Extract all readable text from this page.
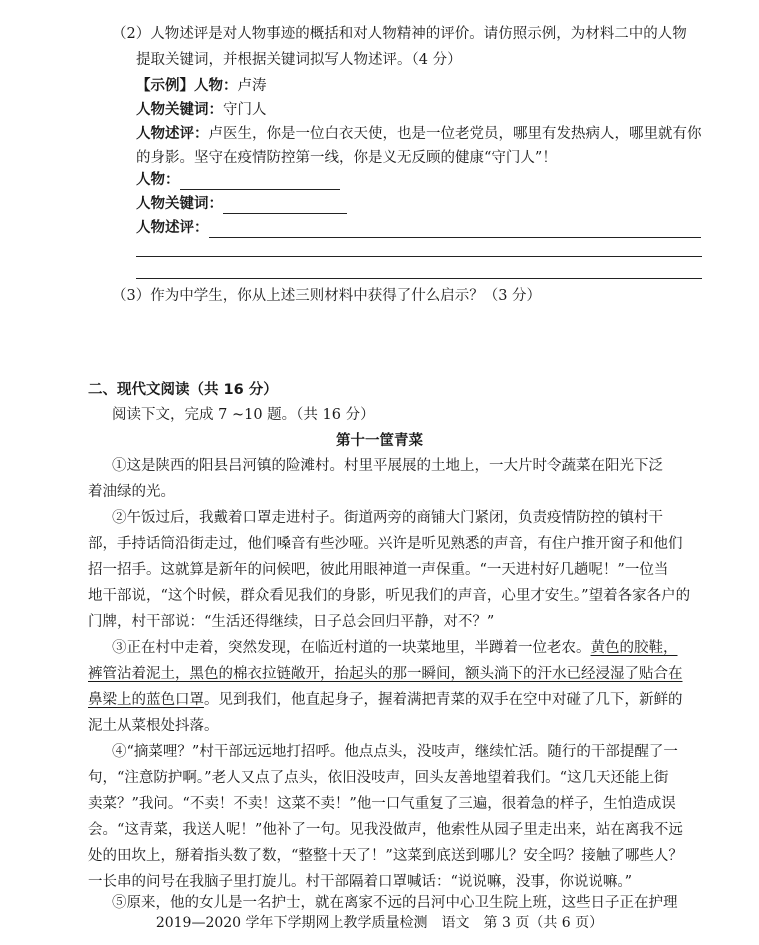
（2）人物述评是对人物事迹的概括和对人物精神的评价。请仿照示例，为材料二中的人物
提取关键词，并根据关键词拟写人物述评。（4 分）
【示例】人物：卢涛
人物关键词：守门人
人物述评：卢医生，你是一位白衣天使，也是一位老党员，哪里有发热病人，哪里就有你
的身影。坚守在疫情防控第一线，你是义无反顾的健康“守门人”！
人物：
人物关键词：
人物述评：
（3）作为中学生，你从上述三则材料中获得了什么启示？（3 分）
二、现代文阅读（共 16 分）
阅读下文，完成 7 ~10 题。（共 16 分）
第十一筐青菜
①这是陕西的阳县吕河镇的险滩村。村里平展展的土地上，一大片时令蔬菜在阳光下泛
着油绿的光。
②午饭过后，我戴着口罩走进村子。街道两旁的商铺大门紧闭，负责疫情防控的镇村干
部，手持话筒沿街走过，他们嗓音有些沙哑。兴许是听见熟悉的声音，有住户推开窗子和他们
招一招手。这就算是新年的问候吧，彼此用眼神道一声保重。“一天进村好几趟呢！”一位当
地干部说，“这个时候，群众看见我们的身影，听见我们的声音，心里才安生。”望着各家各户的
门牌，村干部说：“生活还得继续，日子总会回归平静，对不？”
③正在村中走着，突然发现，在临近村道的一块菜地里，半蹲着一位老农。黄色的胶鞋，
裤管沾着泥土，黑色的棉衣拉链敞开，抬起头的那一瞬间，额头淌下的汗水已经浸湿了贴合在
鼻梁上的蓝色口罩。见到我们，他直起身子，握着满把青菜的双手在空中对碰了几下，新鲜的
泥土从菜根处抖落。
④“摘菜哩？”村干部远远地打招呼。他点点头，没吱声，继续忙活。随行的干部提醒了一
句，“注意防护啊。”老人又点了点头，依旧没吱声，回头友善地望着我们。“这几天还能上街
卖菜？”我问。“不卖！不卖！这菜不卖！”他一口气重复了三遍，很着急的样子，生怕造成误
会。“这青菜，我送人呢！”他补了一句。见我没做声，他索性从园子里走出来，站在离我不远
处的田坎上，掰着指头数了数，“整整十天了！”这菜到底送到哪儿？安全吗？接触了哪些人？
一长串的问号在我脑子里打旋儿。村干部隔着口罩喊话：“说说嘛，没事，你说说嘛。”
⑤原来，他的女儿是一名护士，就在离家不远的吕河中心卫生院上班，这些日子正在护理
2019—2020 学年下学期网上教学质量检测　语文　第 3 页（共 6 页）
